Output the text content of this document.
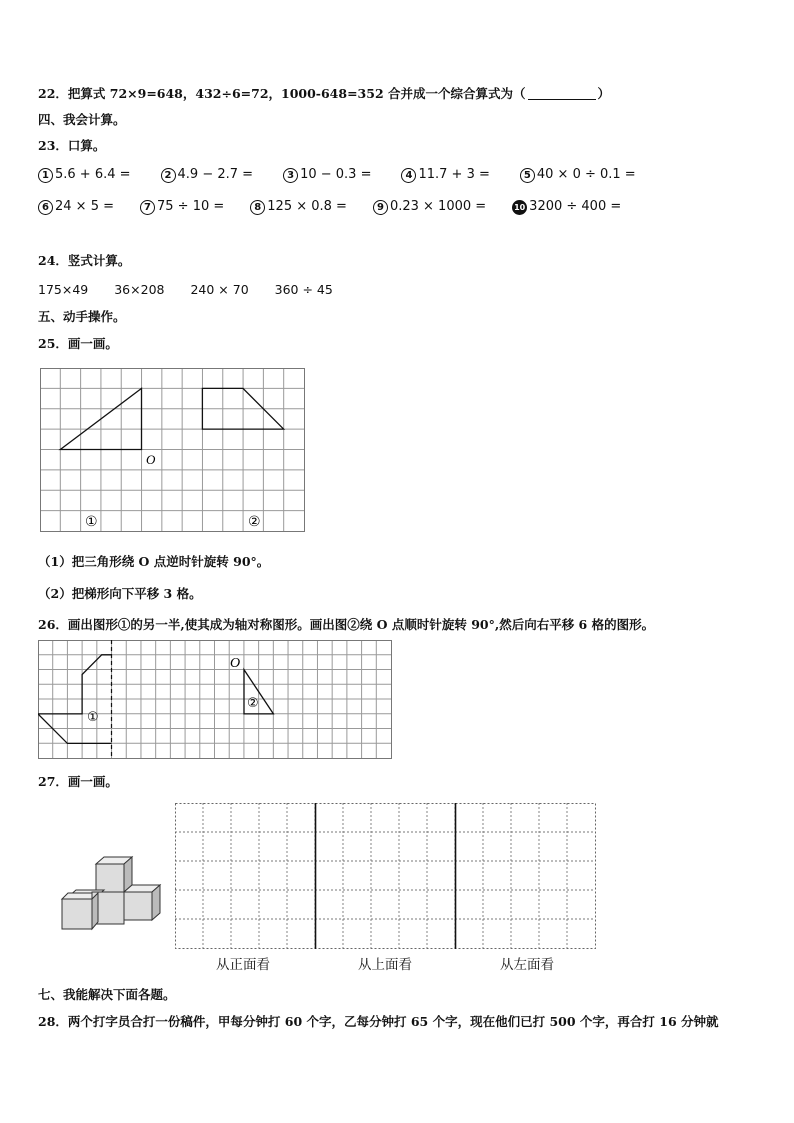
22．把算式 72×9=648，432÷6=72，1000-648=352 合并成一个综合算式为（	）
四、我会计算。
23．口算。
1 5.6 + 6.4 =	2 4.9 − 2.7 =	3 10 − 0.3 =	4 11.7 + 3 =	5 40 × 0 ÷ 0.1 =
6 24 × 5 =	7 75 ÷ 10 =	8 125 × 0.8 =	9 0.23 × 1000 =	10 3200 ÷ 400 =
24．竖式计算。
175×49 36×208 240 × 70 360 ÷ 45
五、动手操作。
25．画一画。
O
①	②
（1）把三角形绕 O 点逆时针旋转 90°。
（2）把梯形向下平移 3 格。
26．画出图形①的另一半,使其成为轴对称图形。画出图②绕 O 点顺时针旋转 90°,然后向右平移 6 格的图形。
O
①
②
27．画一画。
从正面看	从上面看	从左面看
七、我能解决下面各题。
28．两个打字员合打一份稿件，甲每分钟打 60 个字，乙每分钟打 65 个字，现在他们已打 500 个字，再合打 16 分钟就
